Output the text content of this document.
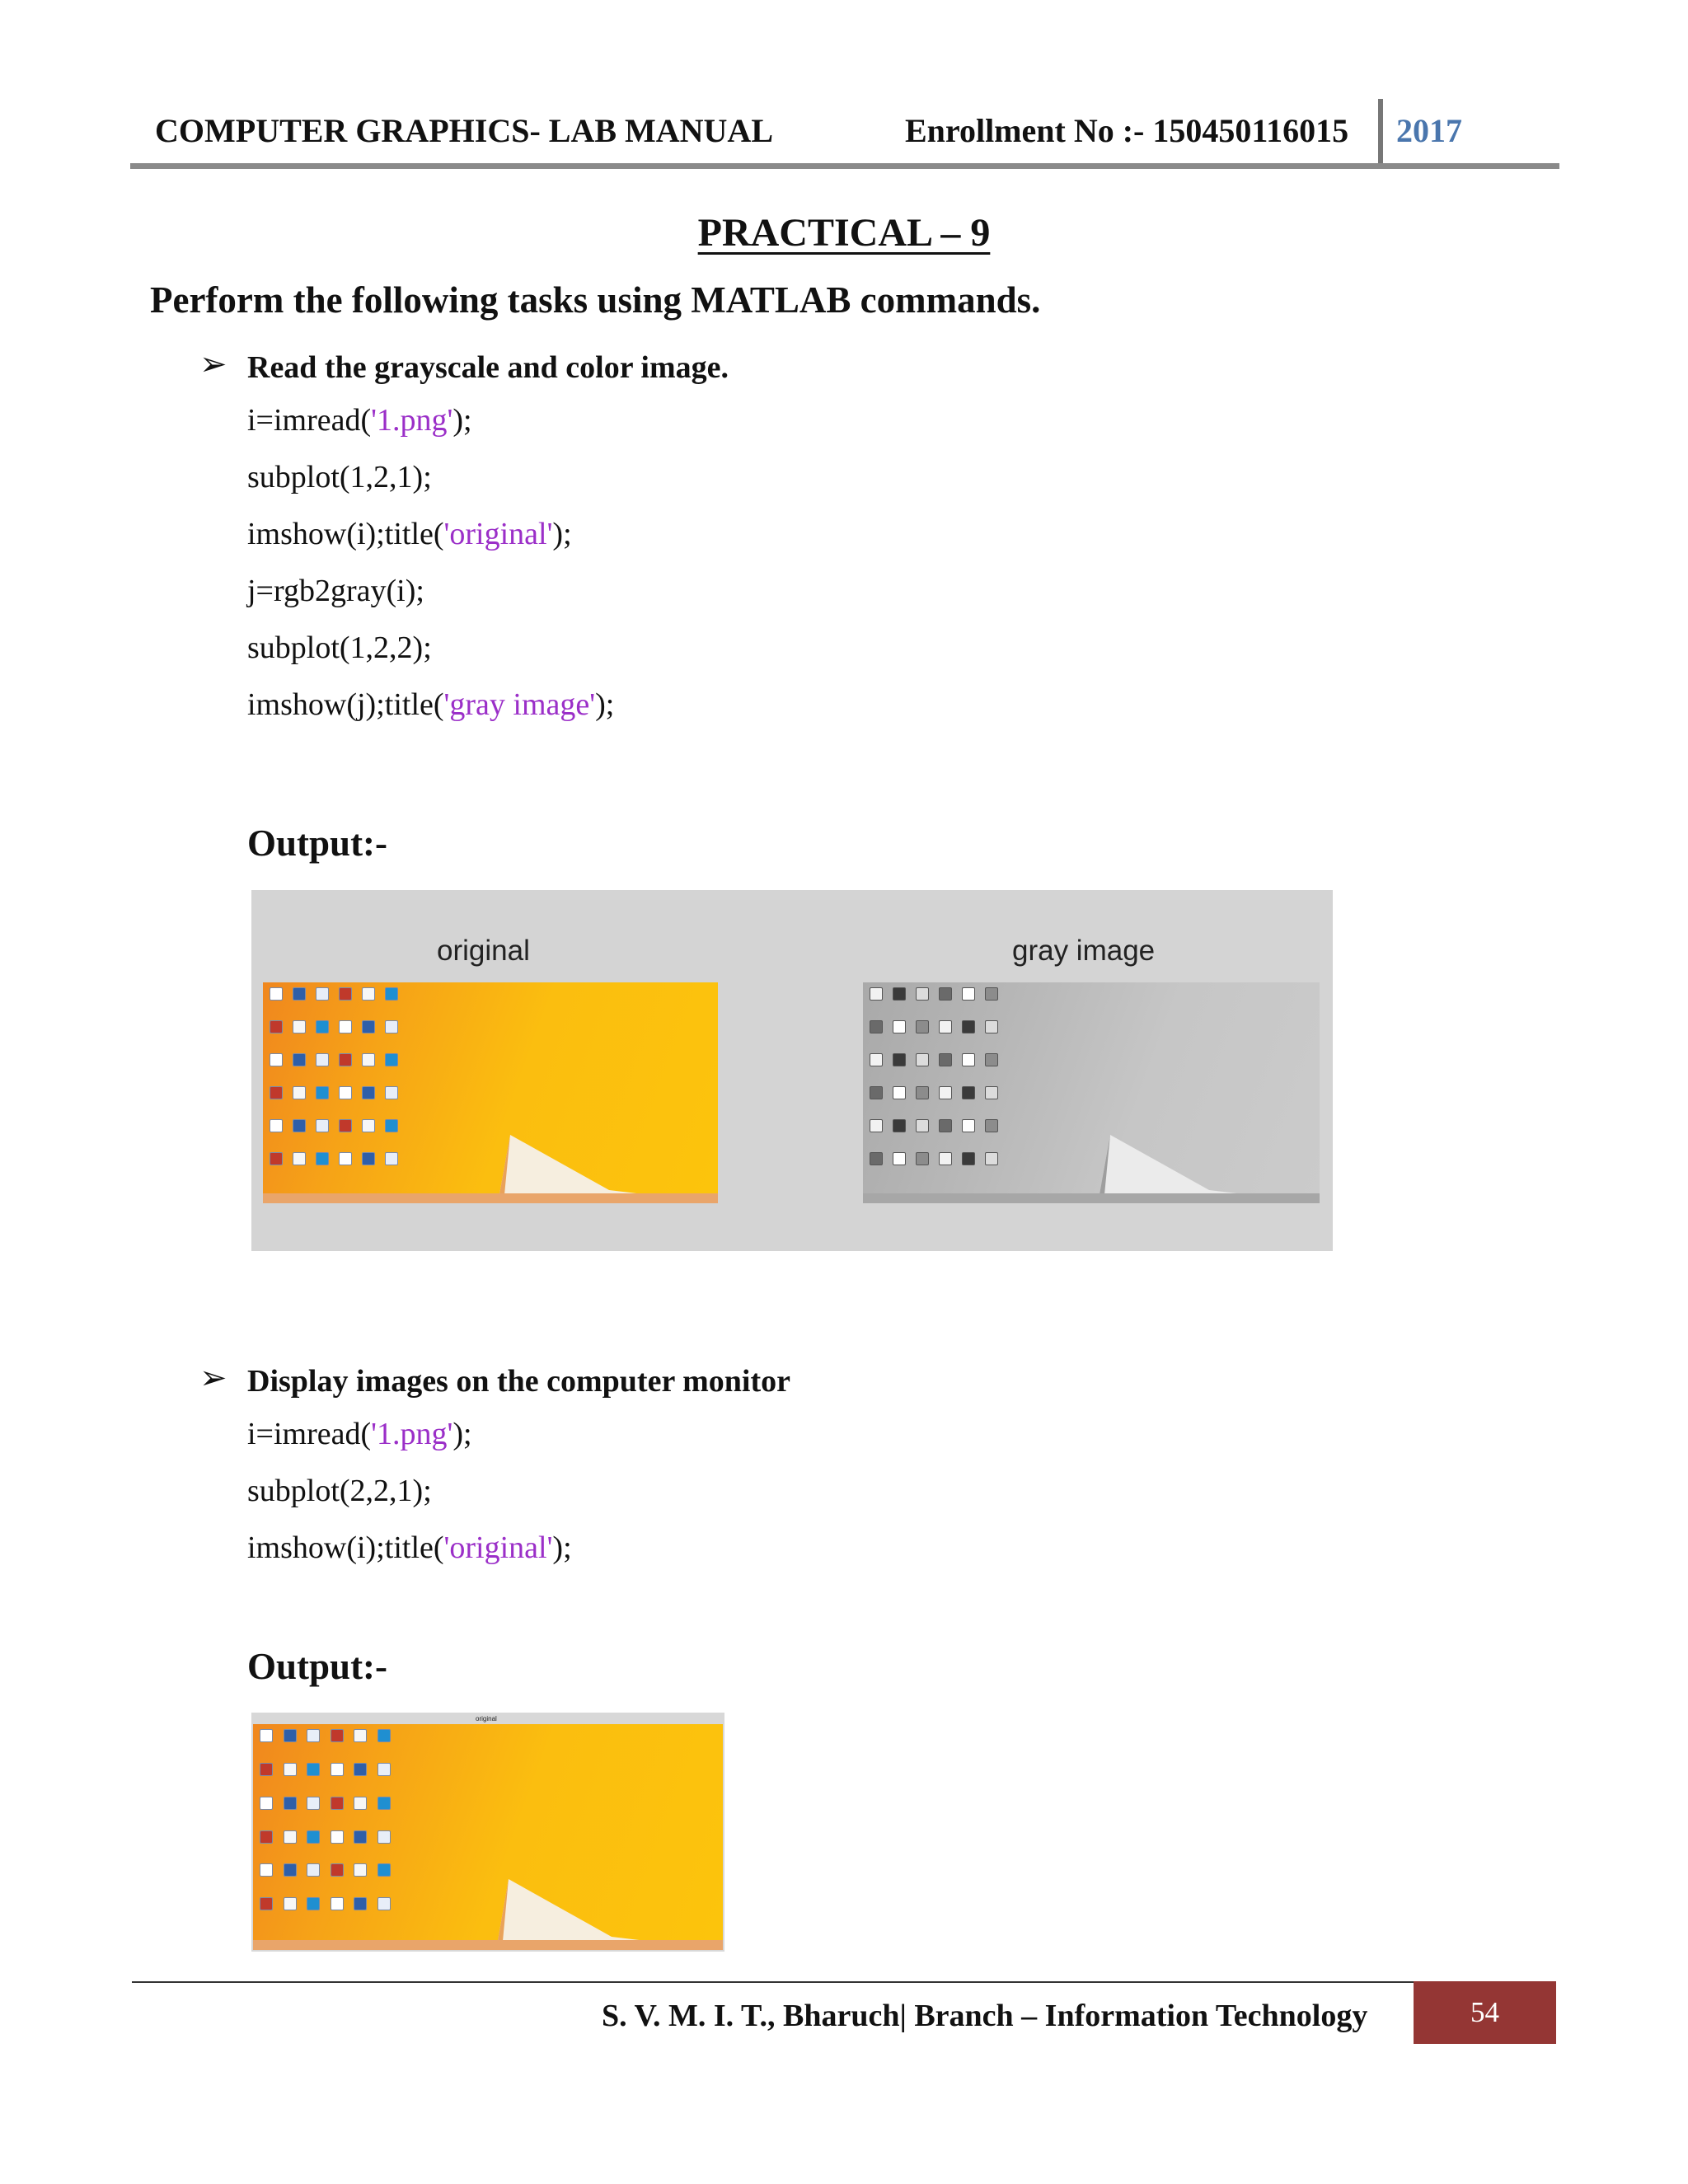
COMPUTER GRAPHICS- LAB MANUAL	Enrollment No :- 150450116015 2017
PRACTICAL – 9
Perform the following tasks using MATLAB commands.
➢ Read the grayscale and color image.
i=imread('1.png');
subplot(1,2,1);
imshow(i);title('original');
j=rgb2gray(i);
subplot(1,2,2);
imshow(j);title('gray image');
Output:-
original	gray image
➢ Display images on the computer monitor
i=imread('1.png');
subplot(2,2,1);
imshow(i);title('original');
Output:-
original
S. V. M. I. T., Bharuch| Branch – Information Technology	54
